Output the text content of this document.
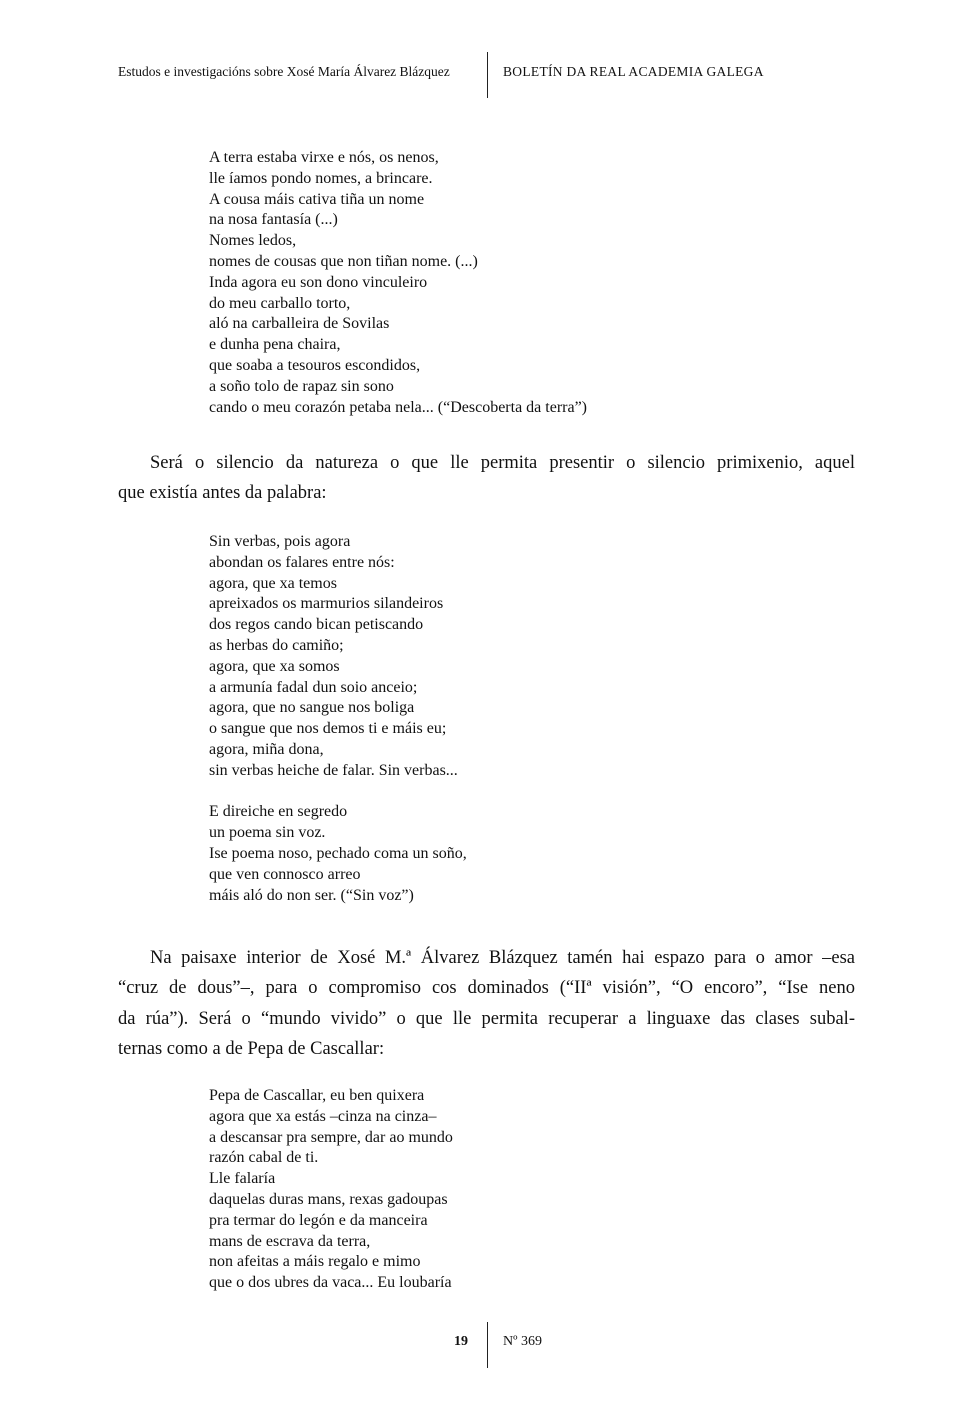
Estudos e investigacións sobre Xosé María Álvarez Blázquez	BOLETÍN DA REAL ACADEMIA GALEGA
A terra estaba virxe e nós, os nenos,
lle íamos pondo nomes, a brincare.
A cousa máis cativa tiña un nome
na nosa fantasía (...)
Nomes ledos,
nomes de cousas que non tiñan nome. (...)
Inda agora eu son dono vinculeiro
do meu carballo torto,
aló na carballeira de Sovilas
e dunha pena chaira,
que soaba a tesouros escondidos,
a soño tolo de rapaz sin sono
cando o meu corazón petaba nela... (“Descoberta da terra”)
Será o silencio da natureza o que lle permita presentir o silencio primixenio, aquel
que existía antes da palabra:
Sin verbas, pois agora
abondan os falares entre nós:
agora, que xa temos
apreixados os marmurios silandeiros
dos regos cando bican petiscando
as herbas do camiño;
agora, que xa somos
a armunía fadal dun soio anceio;
agora, que no sangue nos boliga
o sangue que nos demos ti e máis eu;
agora, miña dona,
sin verbas heiche de falar. Sin verbas...
E direiche en segredo
un poema sin voz.
Ise poema noso, pechado coma un soño,
que ven connosco arreo
máis aló do non ser. (“Sin voz”)
Na paisaxe interior de Xosé M.ª Álvarez Blázquez tamén hai espazo para o amor –esa
“cruz de dous”–, para o compromiso cos dominados (“IIª visión”, “O encoro”, “Ise neno
da rúa”). Será o “mundo vivido” o que lle permita recuperar a linguaxe das clases subal-
ternas como a de Pepa de Cascallar:
Pepa de Cascallar, eu ben quixera
agora que xa estás –cinza na cinza–
a descansar pra sempre, dar ao mundo
razón cabal de ti.
Lle falaría
daquelas duras mans, rexas gadoupas
pra termar do legón e da manceira
mans de escrava da terra,
non afeitas a máis regalo e mimo
que o dos ubres da vaca... Eu loubaría
19	Nº 369
